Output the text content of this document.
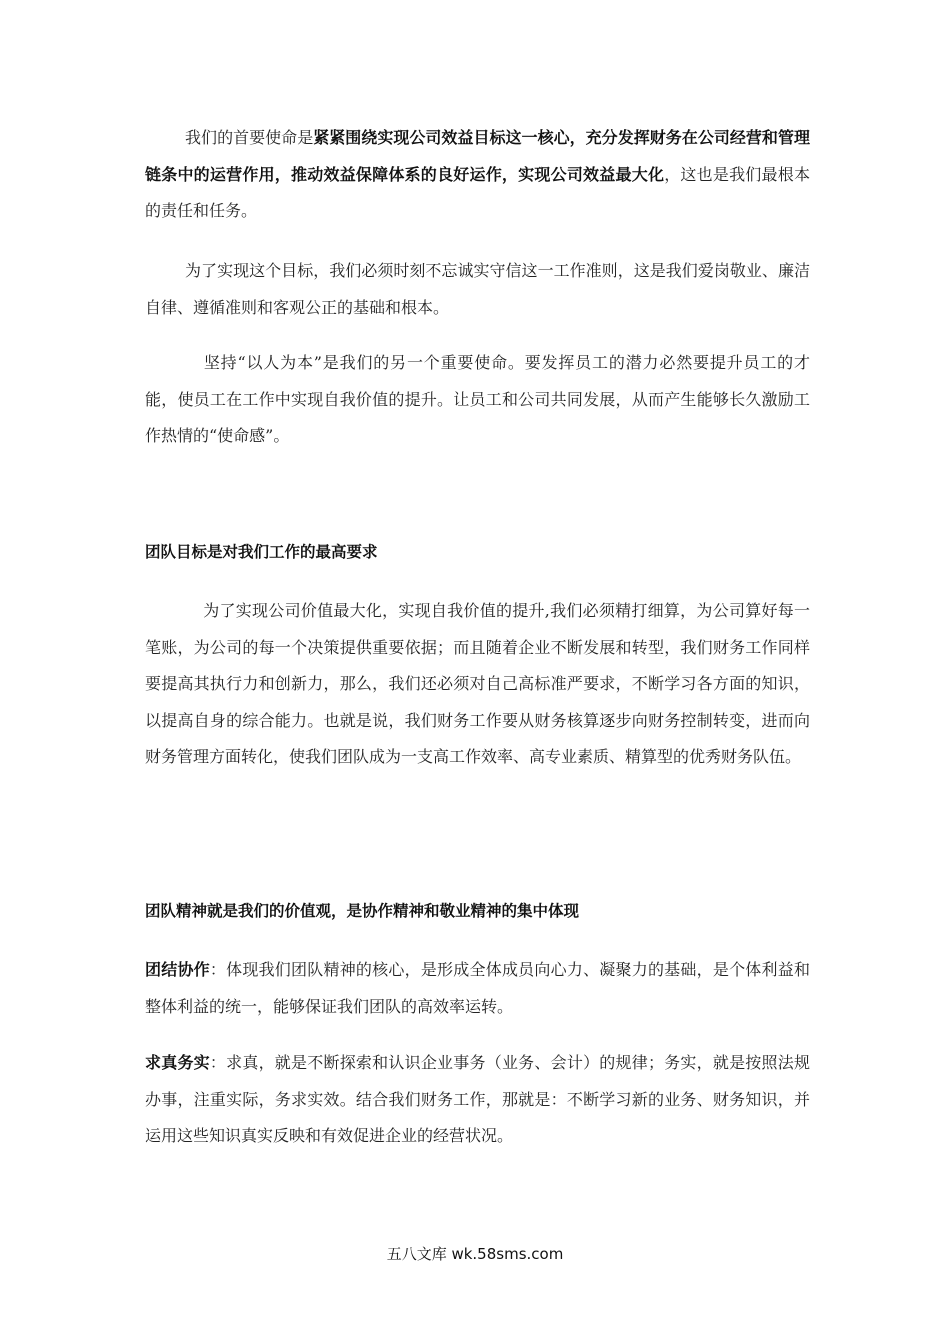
我们的首要使命是紧紧围绕实现公司效益目标这一核心，充分发挥财务在公司经营和管理链条中的运营作用，推动效益保障体系的良好运作，实现公司效益最大化，这也是我们最根本的责任和任务。

为了实现这个目标，我们必须时刻不忘诚实守信这一工作准则，这是我们爱岗敬业、廉洁自律、遵循准则和客观公正的基础和根本。

坚持“以人为本”是我们的另一个重要使命。要发挥员工的潜力必然要提升员工的才能，使员工在工作中实现自我价值的提升。让员工和公司共同发展，从而产生能够长久激励工作热情的“使命感”。

团队目标是对我们工作的最高要求

为了实现公司价值最大化，实现自我价值的提升,我们必须精打细算，为公司算好每一笔账，为公司的每一个决策提供重要依据；而且随着企业不断发展和转型，我们财务工作同样要提高其执行力和创新力，那么，我们还必须对自己高标准严要求，不断学习各方面的知识，以提高自身的综合能力。也就是说，我们财务工作要从财务核算逐步向财务控制转变，进而向财务管理方面转化，使我们团队成为一支高工作效率、高专业素质、精算型的优秀财务队伍。

团队精神就是我们的价值观，是协作精神和敬业精神的集中体现

团结协作：体现我们团队精神的核心，是形成全体成员向心力、凝聚力的基础，是个体利益和整体利益的统一，能够保证我们团队的高效率运转。

求真务实：求真，就是不断探索和认识企业事务（业务、会计）的规律；务实，就是按照法规办事，注重实际，务求实效。结合我们财务工作，那就是：不断学习新的业务、财务知识，并运用这些知识真实反映和有效促进企业的经营状况。

五八文库 wk.58sms.com
